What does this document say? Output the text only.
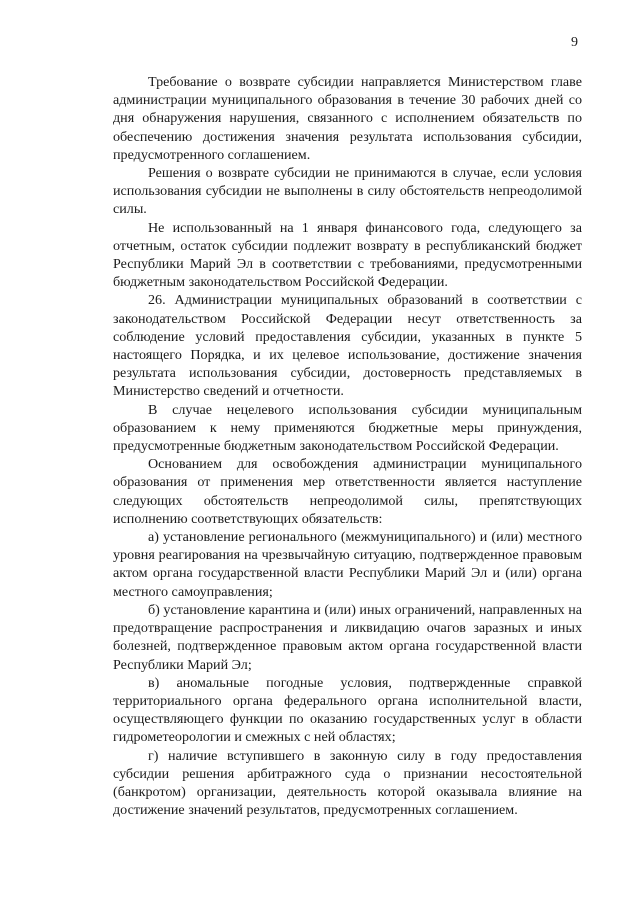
9

Требование о возврате субсидии направляется Министерством главе администрации муниципального образования в течение 30 рабочих дней со дня обнаружения нарушения, связанного с исполнением обязательств по обеспечению достижения значения результата использования субсидии, предусмотренного соглашением.

Решения о возврате субсидии не принимаются в случае, если условия использования субсидии не выполнены в силу обстоятельств непреодолимой силы.

Не использованный на 1 января финансового года, следующего за отчетным, остаток субсидии подлежит возврату в республиканский бюджет Республики Марий Эл в соответствии с требованиями, предусмотренными бюджетным законодательством Российской Федерации.

26. Администрации муниципальных образований в соответствии с законодательством Российской Федерации несут ответственность за соблюдение условий предоставления субсидии, указанных в пункте 5 настоящего Порядка, и их целевое использование, достижение значения результата использования субсидии, достоверность представляемых в Министерство сведений и отчетности.

В случае нецелевого использования субсидии муниципальным образованием к нему применяются бюджетные меры принуждения, предусмотренные бюджетным законодательством Российской Федерации.

Основанием для освобождения администрации муниципального образования от применения мер ответственности является наступление следующих обстоятельств непреодолимой силы, препятствующих исполнению соответствующих обязательств:

а) установление регионального (межмуниципального) и (или) местного уровня реагирования на чрезвычайную ситуацию, подтвержденное правовым актом органа государственной власти Республики Марий Эл и (или) органа местного самоуправления;

б) установление карантина и (или) иных ограничений, направленных на предотвращение распространения и ликвидацию очагов заразных и иных болезней, подтвержденное правовым актом органа государственной власти Республики Марий Эл;

в) аномальные погодные условия, подтвержденные справкой территориального органа федерального органа исполнительной власти, осуществляющего функции по оказанию государственных услуг в области гидрометеорологии и смежных с ней областях;

г) наличие вступившего в законную силу в году предоставления субсидии решения арбитражного суда о признании несостоятельной (банкротом) организации, деятельность которой оказывала влияние на достижение значений результатов, предусмотренных соглашением.
